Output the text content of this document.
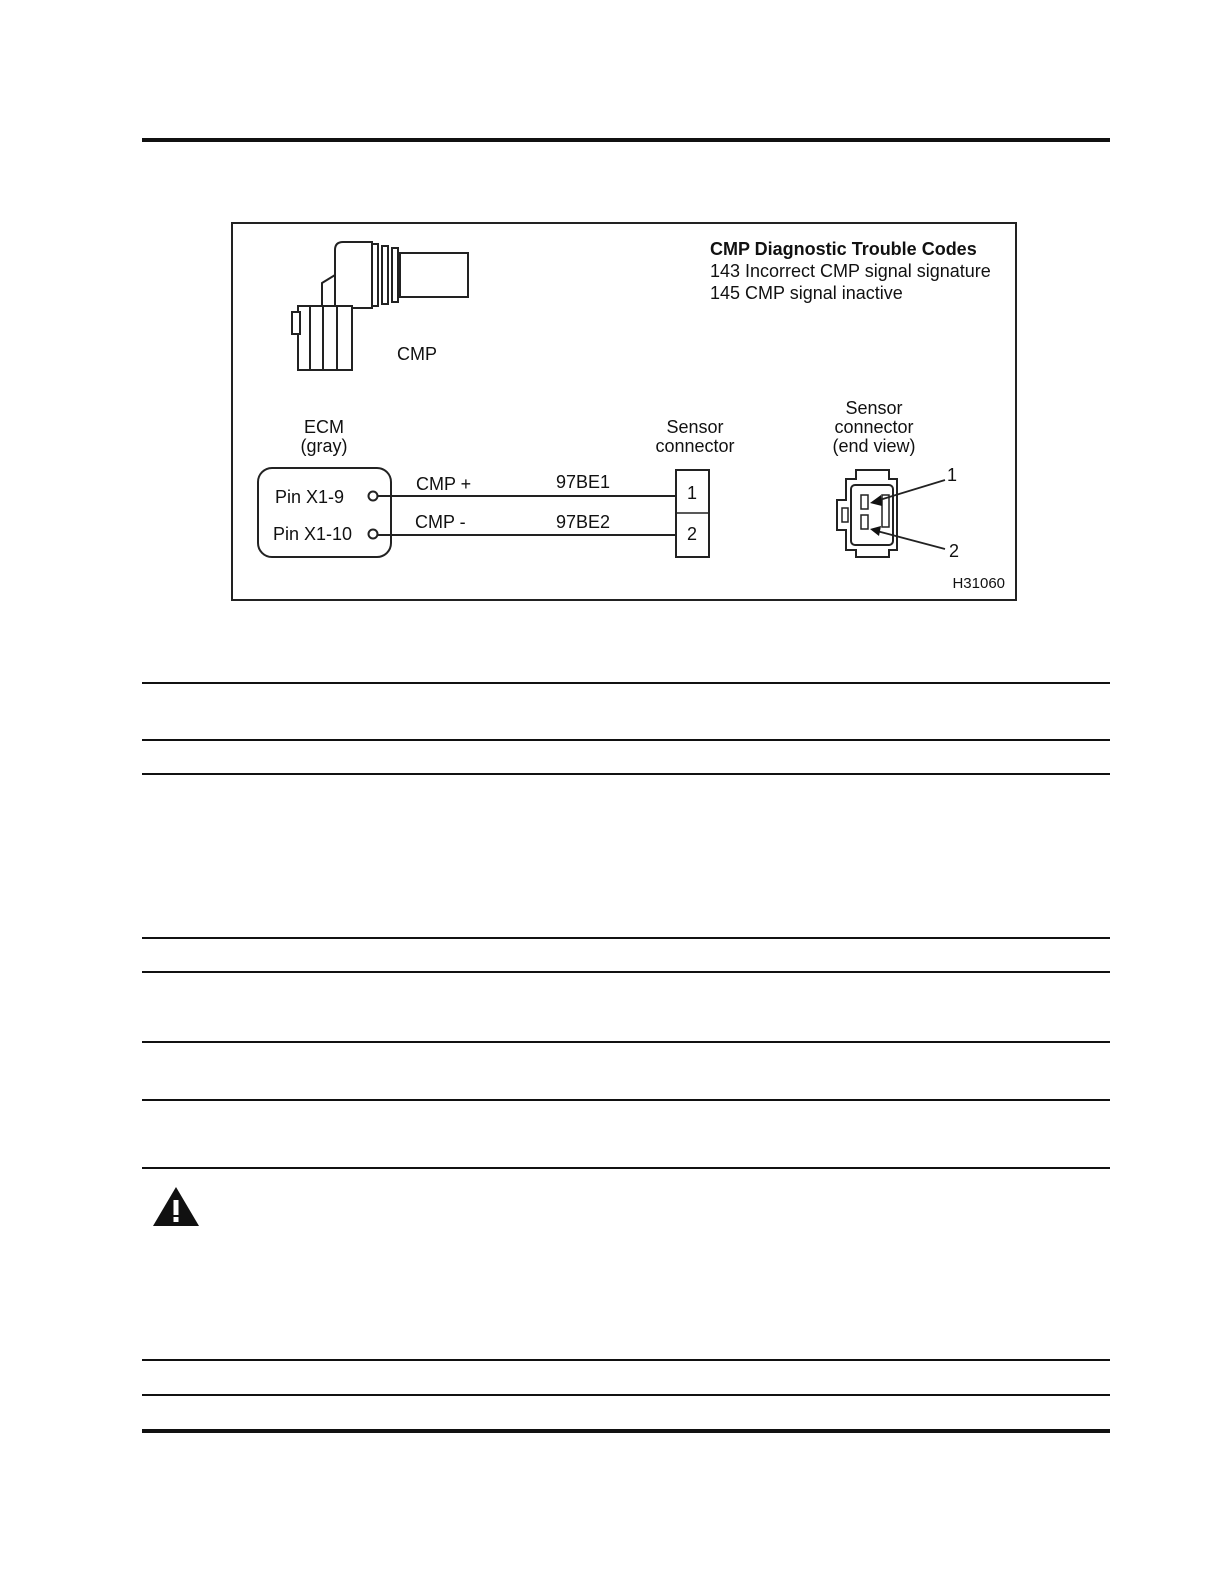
CMP
CMP Diagnostic Trouble Codes
143 Incorrect CMP signal signature
145 CMP signal inactive
ECM
(gray)
Pin X1-9
Pin X1-10
CMP +
CMP -
97BE1
97BE2
Sensor
connector
1
2
Sensor
connector
(end view)
1
2
H31060
